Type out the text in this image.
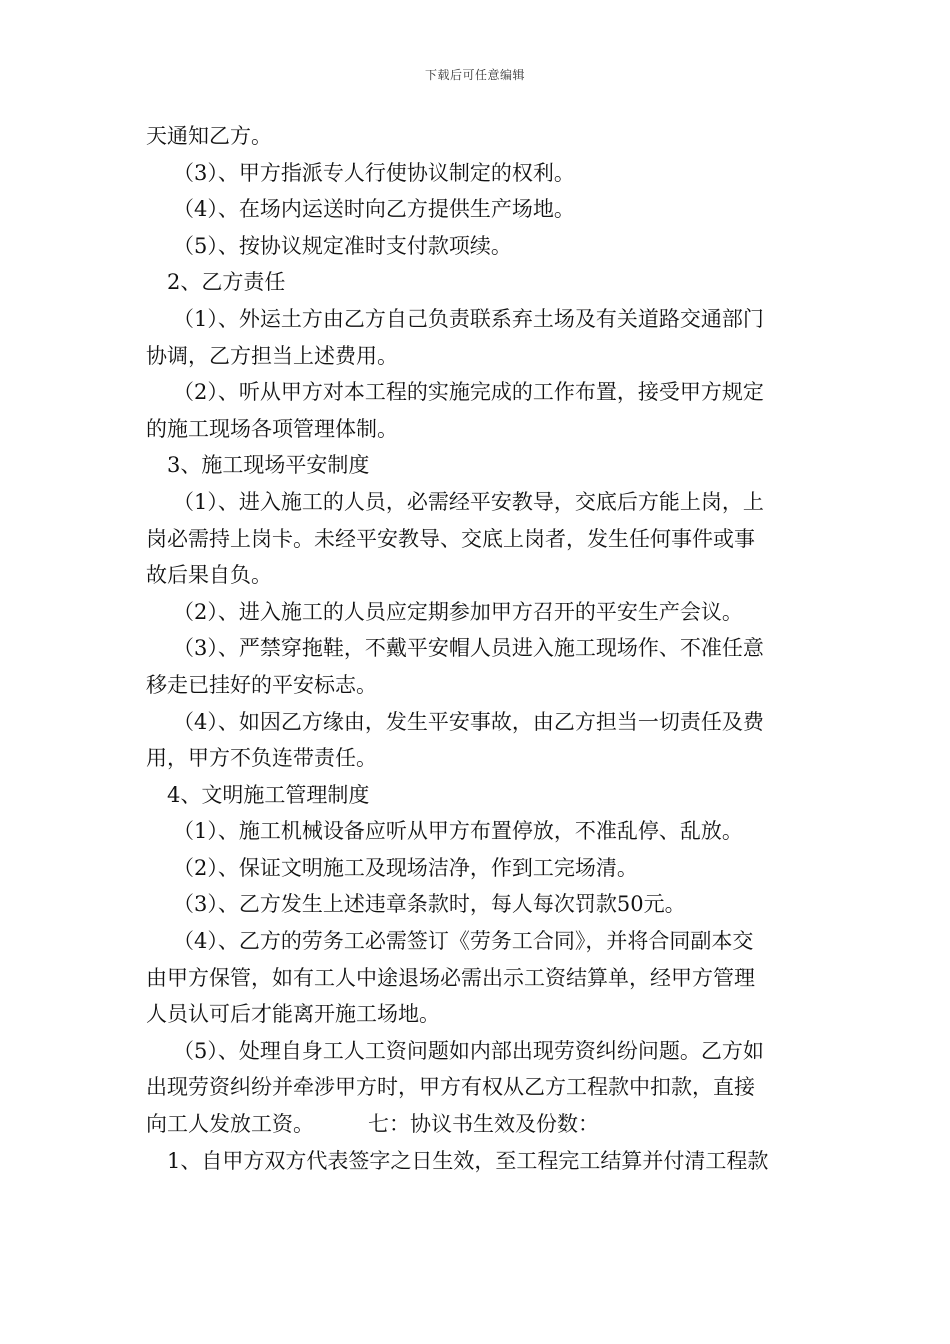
下载后可任意编辑
天通知乙方。
（3）、甲方指派专人行使协议制定的权利。
（4）、在场内运送时向乙方提供生产场地。
（5）、按协议规定准时支付款项续。
2、乙方责任
（1）、外运土方由乙方自己负责联系弃土场及有关道路交通部门
协调，乙方担当上述费用。
（2）、听从甲方对本工程的实施完成的工作布置，接受甲方规定
的施工现场各项管理体制。
3、施工现场平安制度
（1）、进入施工的人员，必需经平安教导，交底后方能上岗，上
岗必需持上岗卡。未经平安教导、交底上岗者，发生任何事件或事
故后果自负。
（2）、进入施工的人员应定期参加甲方召开的平安生产会议。
（3）、严禁穿拖鞋，不戴平安帽人员进入施工现场作、不准任意
移走已挂好的平安标志。
（4）、如因乙方缘由，发生平安事故，由乙方担当一切责任及费
用，甲方不负连带责任。
4、文明施工管理制度
（1）、施工机械设备应听从甲方布置停放，不准乱停、乱放。
（2）、保证文明施工及现场洁净，作到工完场清。
（3）、乙方发生上述违章条款时，每人每次罚款50元。
（4）、乙方的劳务工必需签订《劳务工合同》，并将合同副本交
由甲方保管，如有工人中途退场必需出示工资结算单，经甲方管理
人员认可后才能离开施工场地。
（5）、处理自身工人工资问题如内部出现劳资纠纷问题。乙方如
出现劳资纠纷并牵涉甲方时，甲方有权从乙方工程款中扣款，直接
向工人发放工资。	七：协议书生效及份数：
1、自甲方双方代表签字之日生效，至工程完工结算并付清工程款
